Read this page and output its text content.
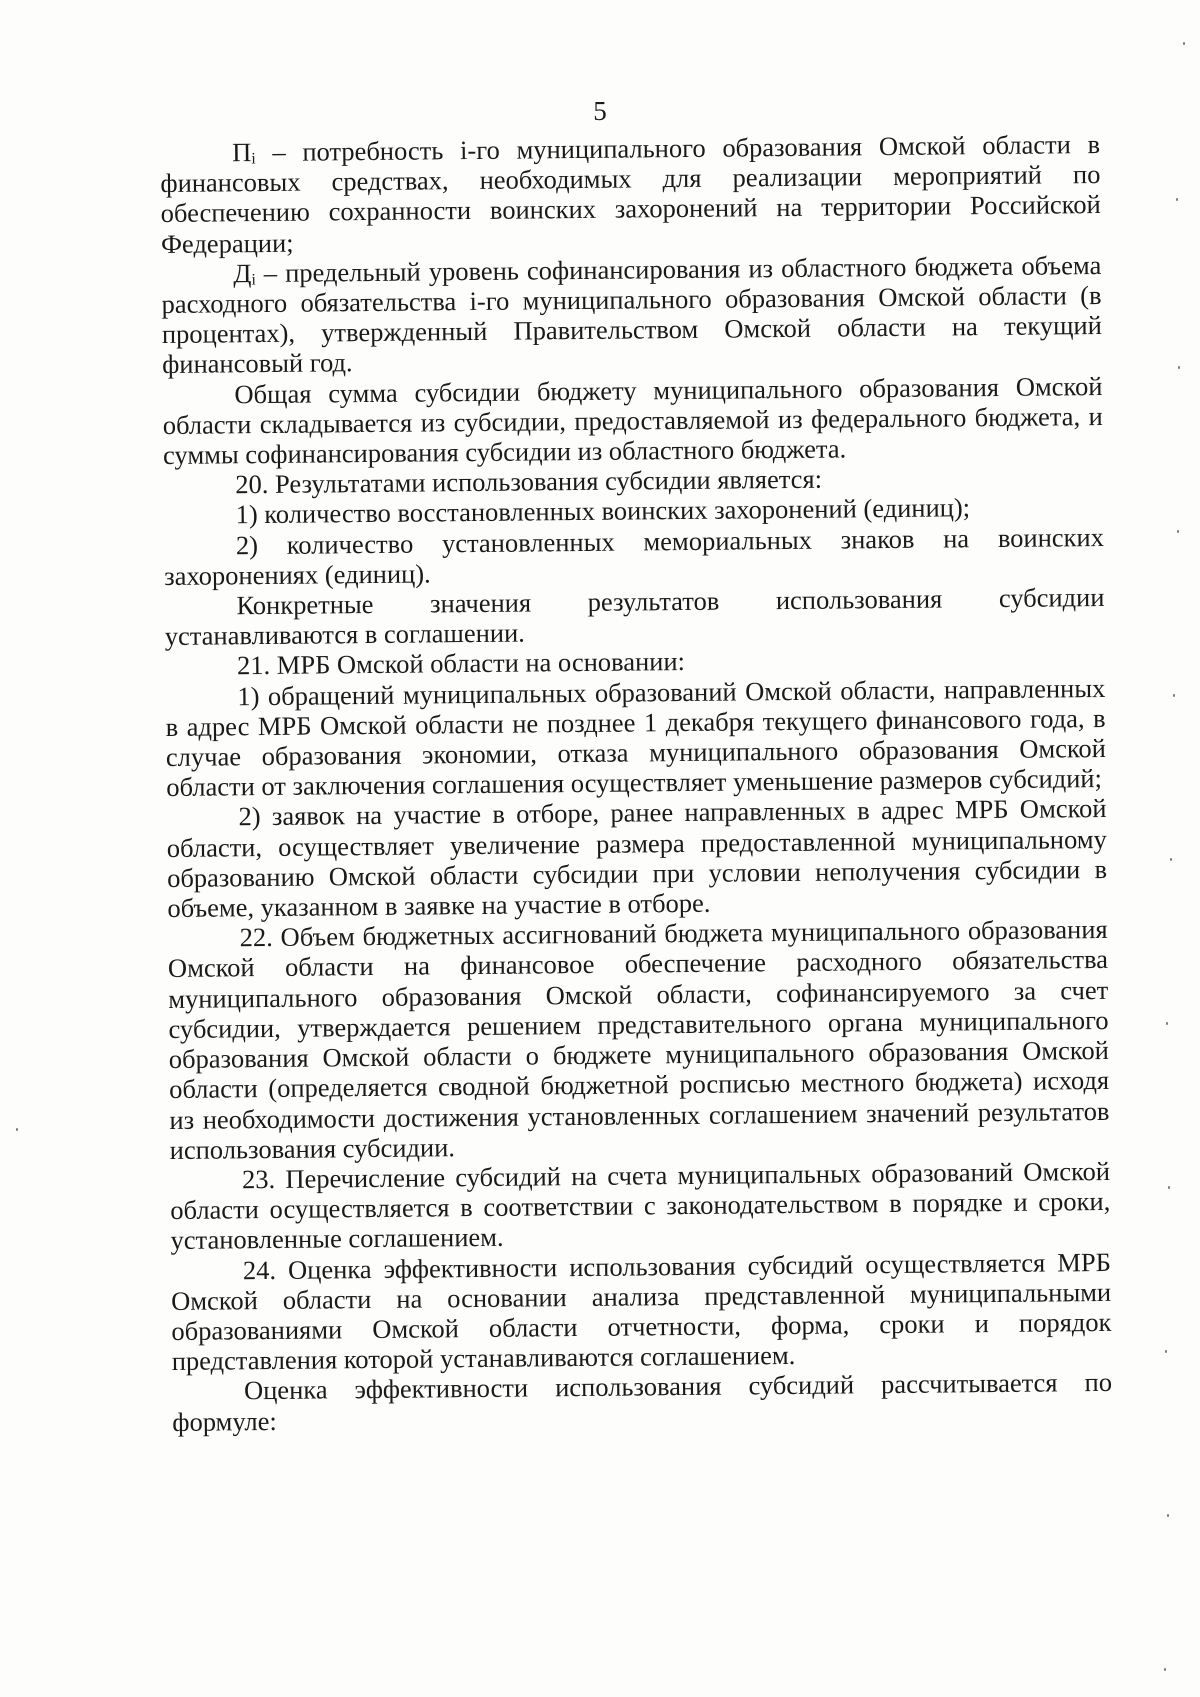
5

Пᵢ – потребность i-го муниципального образования Омской области в финансовых средствах, необходимых для реализации мероприятий по обеспечению сохранности воинских захоронений на территории Российской Федерации;

Дᵢ – предельный уровень софинансирования из областного бюджета объема расходного обязательства i-го муниципального образования Омской области (в процентах), утвержденный Правительством Омской области на текущий финансовый год.

Общая сумма субсидии бюджету муниципального образования Омской области складывается из субсидии, предоставляемой из федерального бюджета, и суммы софинансирования субсидии из областного бюджета.

20. Результатами использования субсидии является:

1) количество восстановленных воинских захоронений (единиц);

2) количество установленных мемориальных знаков на воинских захоронениях (единиц).

Конкретные значения результатов использования субсидии устанавливаются в соглашении.

21. МРБ Омской области на основании:

1) обращений муниципальных образований Омской области, направленных в адрес МРБ Омской области не позднее 1 декабря текущего финансового года, в случае образования экономии, отказа муниципального образования Омской области от заключения соглашения осуществляет уменьшение размеров субсидий;

2) заявок на участие в отборе, ранее направленных в адрес МРБ Омской области, осуществляет увеличение размера предоставленной муниципальному образованию Омской области субсидии при условии неполучения субсидии в объеме, указанном в заявке на участие в отборе.

22. Объем бюджетных ассигнований бюджета муниципального образования Омской области на финансовое обеспечение расходного обязательства муниципального образования Омской области, софинансируемого за счет субсидии, утверждается решением представительного органа муниципального образования Омской области о бюджете муниципального образования Омской области (определяется сводной бюджетной росписью местного бюджета) исходя из необходимости достижения установленных соглашением значений результатов использования субсидии.

23. Перечисление субсидий на счета муниципальных образований Омской области осуществляется в соответствии с законодательством в порядке и сроки, установленные соглашением.

24. Оценка эффективности использования субсидий осуществляется МРБ Омской области на основании анализа представленной муниципальными образованиями Омской области отчетности, форма, сроки и порядок представления которой устанавливаются соглашением.

Оценка эффективности использования субсидий рассчитывается по формуле:
